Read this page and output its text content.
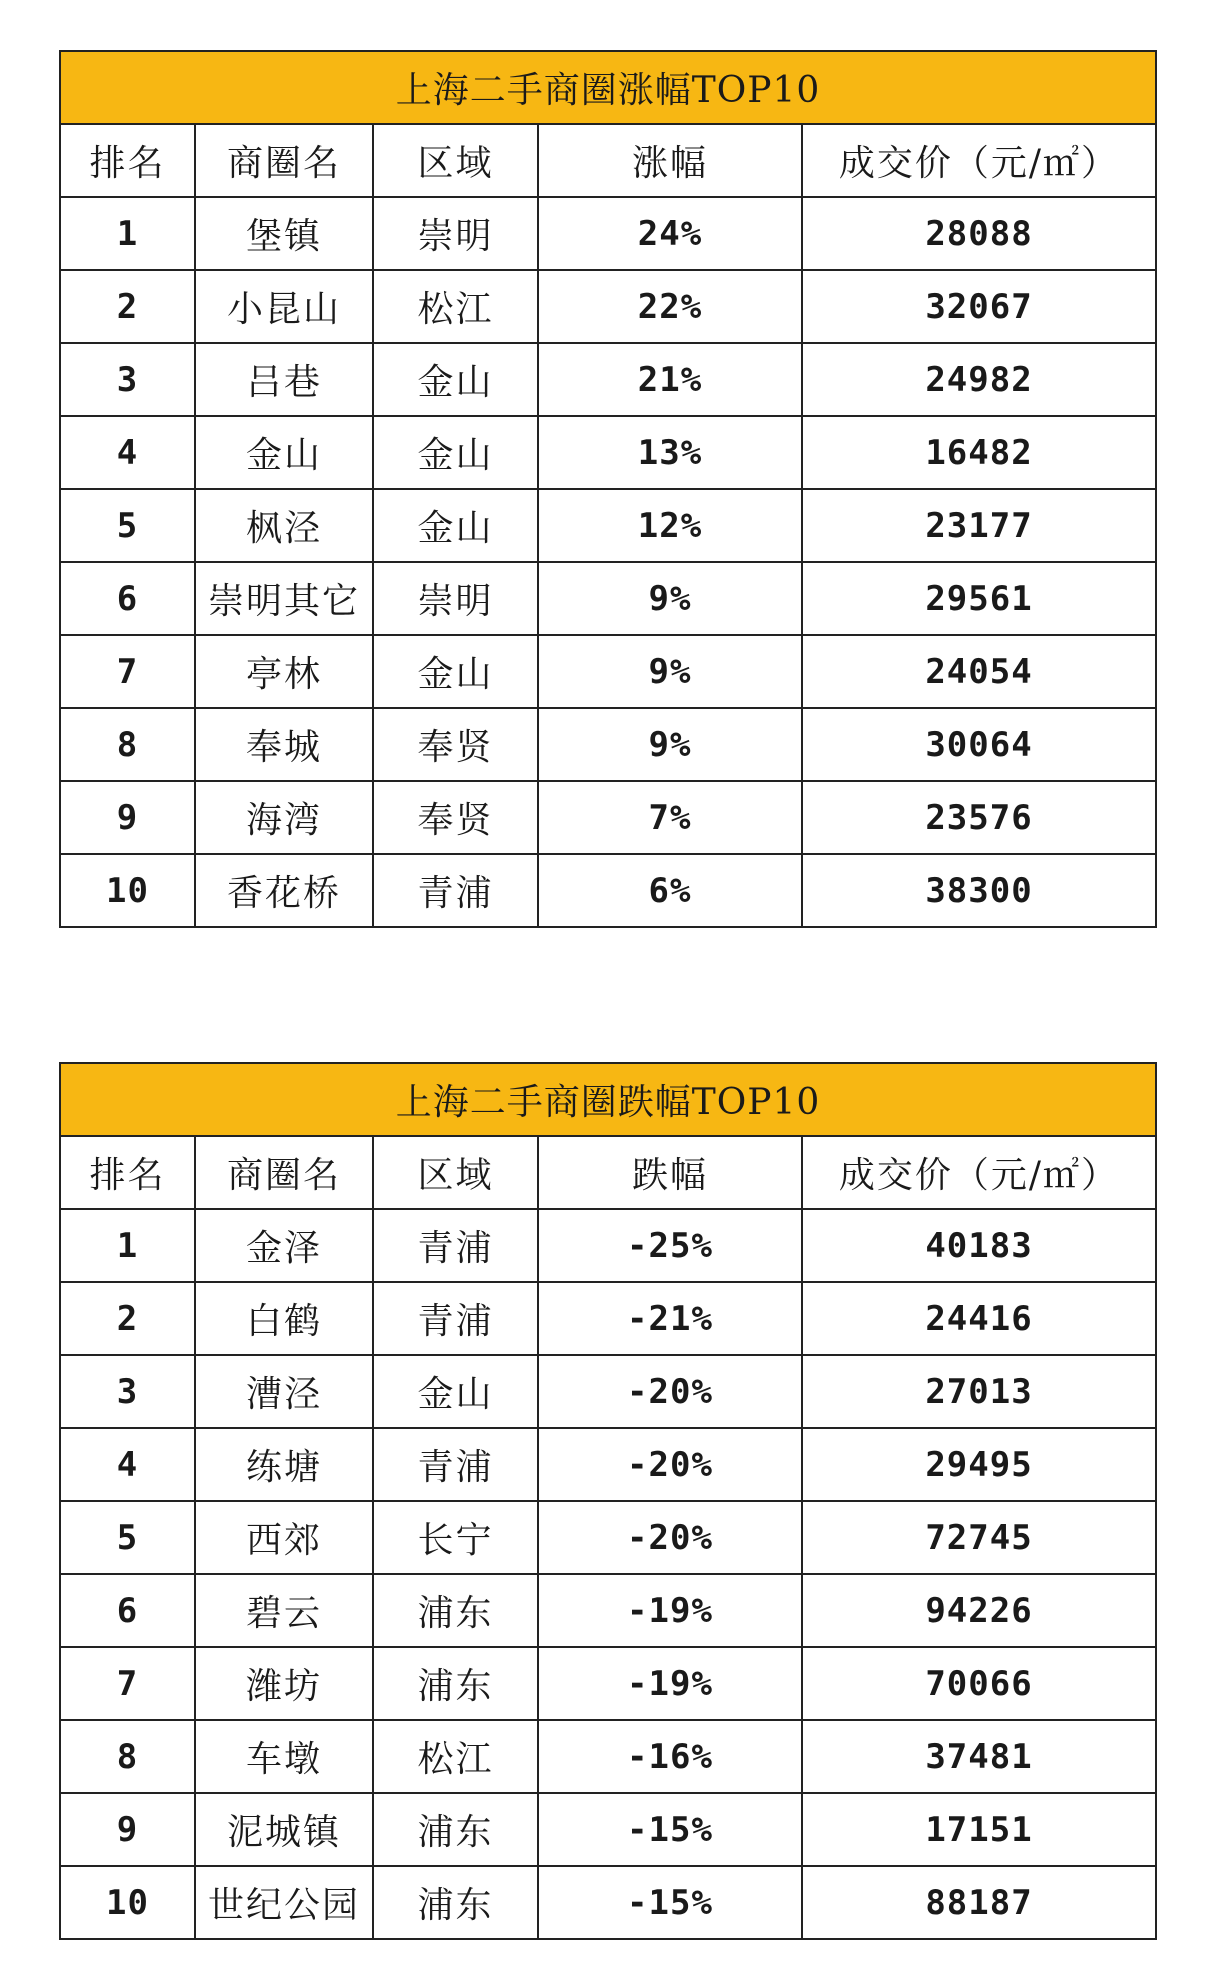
上海二手商圈涨幅TOP10				
排名	商圈名	区域	涨幅	成交价（元/㎡）
1	堡镇	崇明	24%	28088
2	小昆山	松江	22%	32067
3	吕巷	金山	21%	24982
4	金山	金山	13%	16482
5	枫泾	金山	12%	23177
6	崇明其它	崇明	9%	29561
7	亭林	金山	9%	24054
8	奉城	奉贤	9%	30064
9	海湾	奉贤	7%	23576
10	香花桥	青浦	6%	38300
上海二手商圈跌幅TOP10				
排名	商圈名	区域	跌幅	成交价（元/㎡）
1	金泽	青浦	-25%	40183
2	白鹤	青浦	-21%	24416
3	漕泾	金山	-20%	27013
4	练塘	青浦	-20%	29495
5	西郊	长宁	-20%	72745
6	碧云	浦东	-19%	94226
7	潍坊	浦东	-19%	70066
8	车墩	松江	-16%	37481
9	泥城镇	浦东	-15%	17151
10	世纪公园	浦东	-15%	88187
